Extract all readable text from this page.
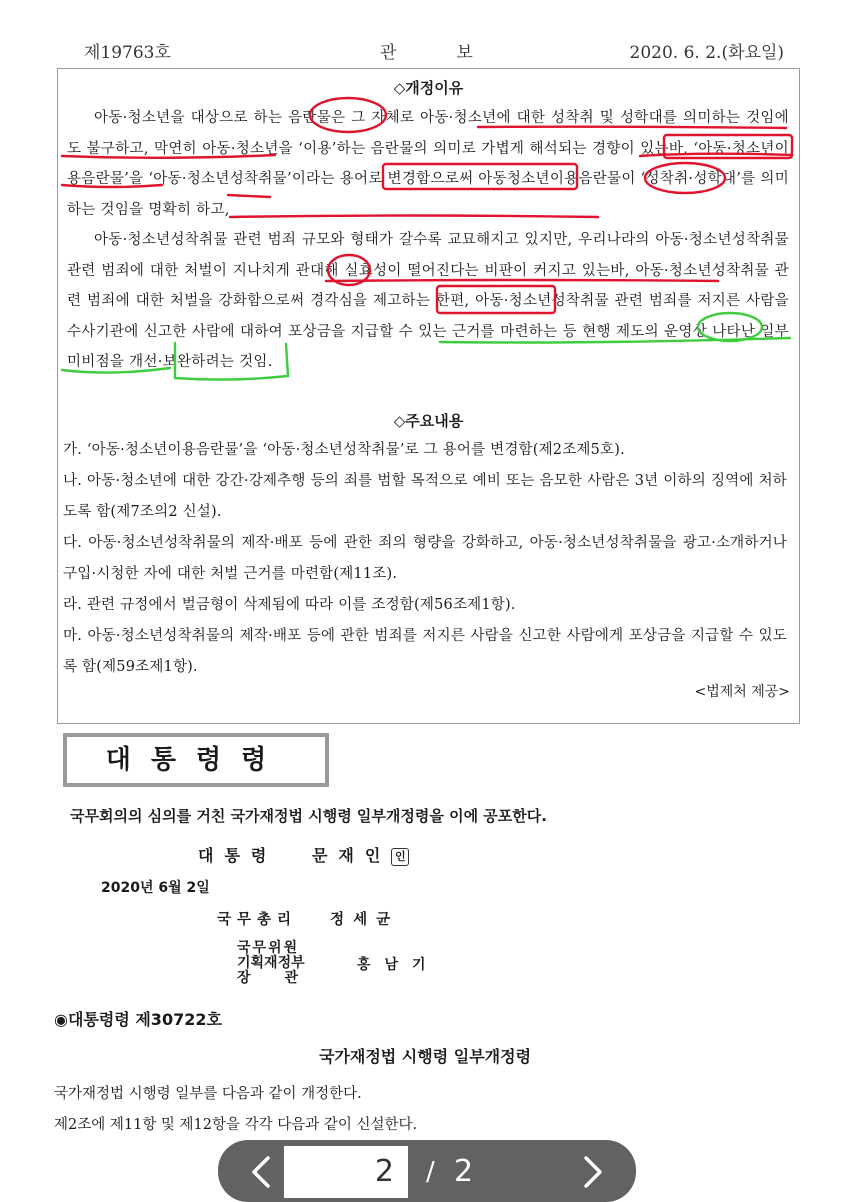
제19763호	관보	2020. 6. 2.(화요일)
◇개정이유
아동·청소년을 대상으로 하는 음란물은 그 자체로 아동·청소년에 대한 성착취 및 성학대를 의미하는 것임에도 불구하고, 막연히 아동·청소년을 ‘이용’하는 음란물의 의미로 가볍게 해석되는 경향이 있는바, ‘아동·청소년이용음란물’을 ‘아동·청소년성착취물’이라는 용어로 변경함으로써 아동청소년이용음란물이 ‘성착취·성학대’를 의미하는 것임을 명확히 하고,
아동·청소년성착취물 관련 범죄 규모와 형태가 갈수록 교묘해지고 있지만, 우리나라의 아동·청소년성착취물 관련 범죄에 대한 처벌이 지나치게 관대해 실효성이 떨어진다는 비판이 커지고 있는바, 아동·청소년성착취물 관련 범죄에 대한 처벌을 강화함으로써 경각심을 제고하는 한편, 아동·청소년성착취물 관련 범죄를 저지른 사람을 수사기관에 신고한 사람에 대하여 포상금을 지급할 수 있는 근거를 마련하는 등 현행 제도의 운영상 나타난 일부 미비점을 개선·보완하려는 것임.
◇주요내용
가. ‘아동·청소년이용음란물’을 ‘아동·청소년성착취물’로 그 용어를 변경함(제2조제5호).
나. 아동·청소년에 대한 강간·강제추행 등의 죄를 범할 목적으로 예비 또는 음모한 사람은 3년 이하의 징역에 처하도록 함(제7조의2 신설).
다. 아동·청소년성착취물의 제작·배포 등에 관한 죄의 형량을 강화하고, 아동·청소년성착취물을 광고·소개하거나 구입·시청한 자에 대한 처벌 근거를 마련함(제11조).
라. 관련 규정에서 벌금형이 삭제됨에 따라 이를 조정함(제56조제1항).
마. 아동·청소년성착취물의 제작·배포 등에 관한 범죄를 저지른 사람을 신고한 사람에게 포상금을 지급할 수 있도록 함(제59조제1항).
<법제처 제공>
대통령령
국무회의의 심의를 거친 국가재정법 시행령 일부개정령을 이에 공포한다.
대통령 문재인 인
2020년 6월 2일
국무총리 정세균
국무위원
기획재정부
장관
홍남기
◉대통령령 제30722호
국가재정법 시행령 일부개정령
국가재정법 시행령 일부를 다음과 같이 개정한다.
제2조에 제11항 및 제12항을 각각 다음과 같이 신설한다.
2	/ 2
